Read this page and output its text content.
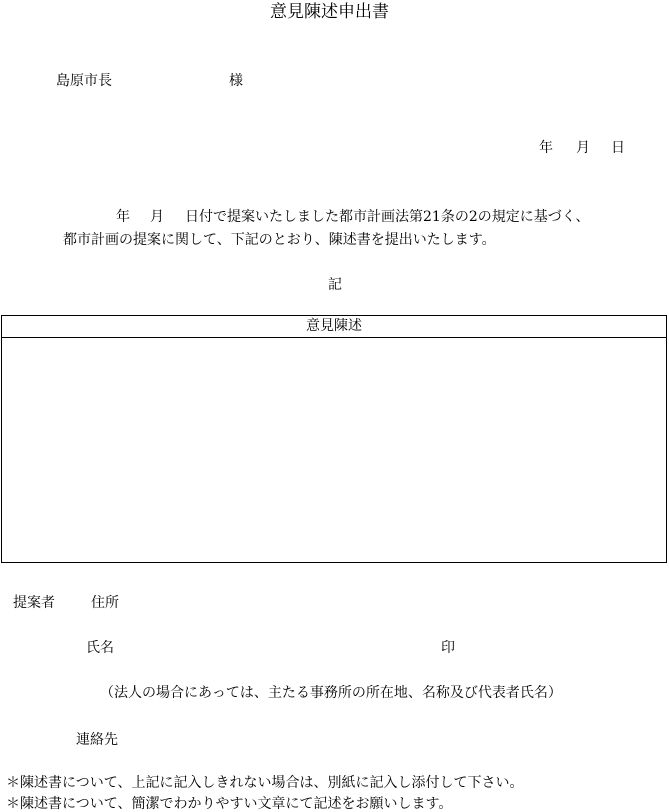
意見陳述申出書
島原市長	様
年 月 日
年 月 日付で提案いたしました都市計画法第21条の2の規定に基づく、
都市計画の提案に関して、下記のとおり、陳述書を提出いたします。
記
意見陳述
提案者	住所
氏名	印
（法人の場合にあっては、主たる事務所の所在地、名称及び代表者氏名）
連絡先
＊陳述書について、上記に記入しきれない場合は、別紙に記入し添付して下さい。
＊陳述書について、簡潔でわかりやすい文章にて記述をお願いします。
